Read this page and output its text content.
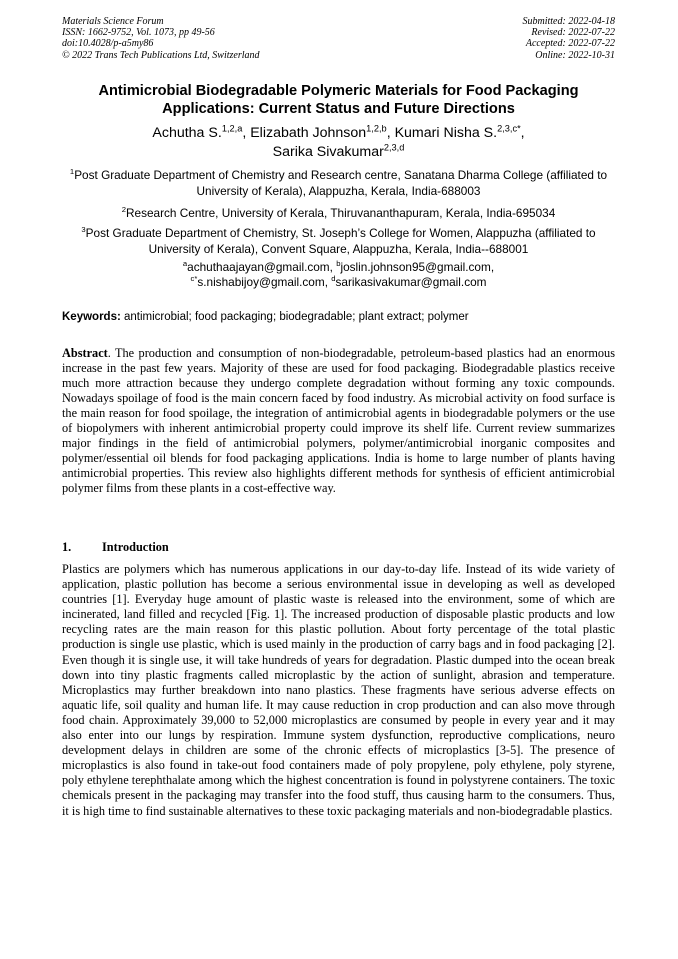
Materials Science Forum
ISSN: 1662-9752, Vol. 1073, pp 49-56
doi:10.4028/p-a5my86
© 2022 Trans Tech Publications Ltd, Switzerland
Submitted: 2022-04-18
Revised: 2022-07-22
Accepted: 2022-07-22
Online: 2022-10-31
Antimicrobial Biodegradable Polymeric Materials for Food Packaging Applications: Current Status and Future Directions
Achutha S.$^{1,2,a}$, Elizabath Johnson$^{1,2,b}$, Kumari Nisha S.$^{2,3,c*}$,
Sarika Sivakumar$^{2,3,d}$
$^1$Post Graduate Department of Chemistry and Research centre, Sanatana Dharma College (affiliated to University of Kerala), Alappuzha, Kerala, India-688003
$^2$Research Centre, University of Kerala, Thiruvananthapuram, Kerala, India-695034
$^3$Post Graduate Department of Chemistry, St. Joseph’s College for Women, Alappuzha (affiliated to University of Kerala), Convent Square, Alappuzha, Kerala, India--688001
$^a$achuthaajayan@gmail.com, $^b$joslin.johnson95@gmail.com,
$^{c*}$s.nishabijoy@gmail.com, $^d$sarikasivakumar@gmail.com
Keywords: antimicrobial; food packaging; biodegradable; plant extract; polymer
Abstract. The production and consumption of non-biodegradable, petroleum-based plastics had an enormous increase in the past few years. Majority of these are used for food packaging. Biodegradable plastics receive much more attraction because they undergo complete degradation without forming any toxic compounds. Nowadays spoilage of food is the main concern faced by food industry. As microbial activity on food surface is the main reason for food spoilage, the integration of antimicrobial agents in biodegradable polymers or the use of biopolymers with inherent antimicrobial property could improve its shelf life. Current review summarizes major findings in the field of antimicrobial polymers, polymer/antimicrobial inorganic composites and polymer/essential oil blends for food packaging applications. India is home to large number of plants having antimicrobial properties. This review also highlights different methods for synthesis of efficient antimicrobial polymer films from these plants in a cost-effective way.
1.	Introduction
Plastics are polymers which has numerous applications in our day-to-day life. Instead of its wide variety of application, plastic pollution has become a serious environmental issue in developing as well as developed countries [1]. Everyday huge amount of plastic waste is released into the environment, some of which are incinerated, land filled and recycled [Fig. 1]. The increased production of disposable plastic products and low recycling rates are the main reason for this plastic pollution. About forty percentage of the total plastic production is single use plastic, which is used mainly in the production of carry bags and in food packaging [2]. Even though it is single use, it will take hundreds of years for degradation. Plastic dumped into the ocean break down into tiny plastic fragments called microplastic by the action of sunlight, abrasion and temperature. Microplastics may further breakdown into nano plastics. These fragments have serious adverse effects on aquatic life, soil quality and human life. It may cause reduction in crop production and can also move through food chain. Approximately 39,000 to 52,000 microplastics are consumed by people in every year and it may also enter into our lungs by respiration. Immune system dysfunction, reproductive complications, neuro development delays in children are some of the chronic effects of microplastics [3-5]. The presence of microplastics is also found in take-out food containers made of poly propylene, poly ethylene, poly styrene, poly ethylene terephthalate among which the highest concentration is found in polystyrene containers. The toxic chemicals present in the packaging may transfer into the food stuff, thus causing harm to the consumers. Thus, it is high time to find sustainable alternatives to these toxic packaging materials and non-biodegradable plastics.
